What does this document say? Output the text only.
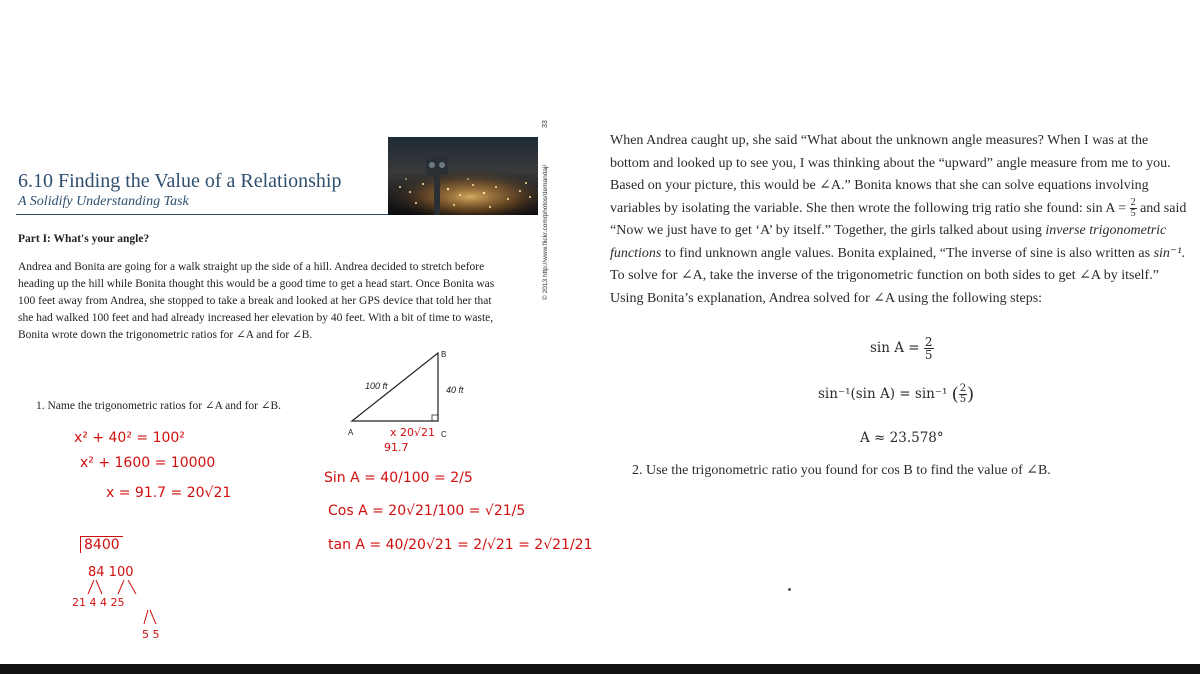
6.10 Finding the Value of a Relationship
A Solidify Understanding Task	© 2013 http://www.flickr.com/photos/demandaj/
33
Part I: What's your angle?
Andrea and Bonita are going for a walk straight up the side of a hill. Andrea decided to stretch before heading up the hill while Bonita thought this would be a good time to get a head start. Once Bonita was 100 feet away from Andrea, she stopped to take a break and looked at her GPS device that told her that she had walked 100 feet and had already increased her elevation by 40 feet. With a bit of time to waste, Bonita wrote down the trigonometric ratios for ∠A and for ∠B.
1. Name the trigonometric ratios for ∠A and for ∠B.
A
B
C
100 ft	40 ft
x² + 40² = 100²
x² + 1600 = 10000
x = 91.7 = 20√21
x 20√21
91.7
8400
84 100
21 4 4 25
5 5
Sin A = 40/100 = 2/5
Cos A = 20√21/100 = √21/5
tan A = 40/20√21 = 2/√21 = 2√21/21
When Andrea caught up, she said “What about the unknown angle measures? When I was at the bottom and looked up to see you, I was thinking about the “upward” angle measure from me to you. Based on your picture, this would be ∠A.” Bonita knows that she can solve equations involving variables by isolating the variable. She then wrote the following trig ratio she found: $\sin A = \frac{2}{5}$ and said “Now we just have to get ‘A’ by itself.” Together, the girls talked about using inverse trigonometric functions to find unknown angle values. Bonita explained, “The inverse of sine is also written as sin⁻¹. To solve for ∠A, take the inverse of the trigonometric function on both sides to get ∠A by itself.” Using Bonita’s explanation, Andrea solved for ∠A using the following steps:
$\sin A = \frac{2}{5}$
sin⁻¹(sin A) = sin⁻¹ ( $\frac{2}{5}$ )
A ≈ 23.578°
2. Use the trigonometric ratio you found for cos B to find the value of ∠B.
